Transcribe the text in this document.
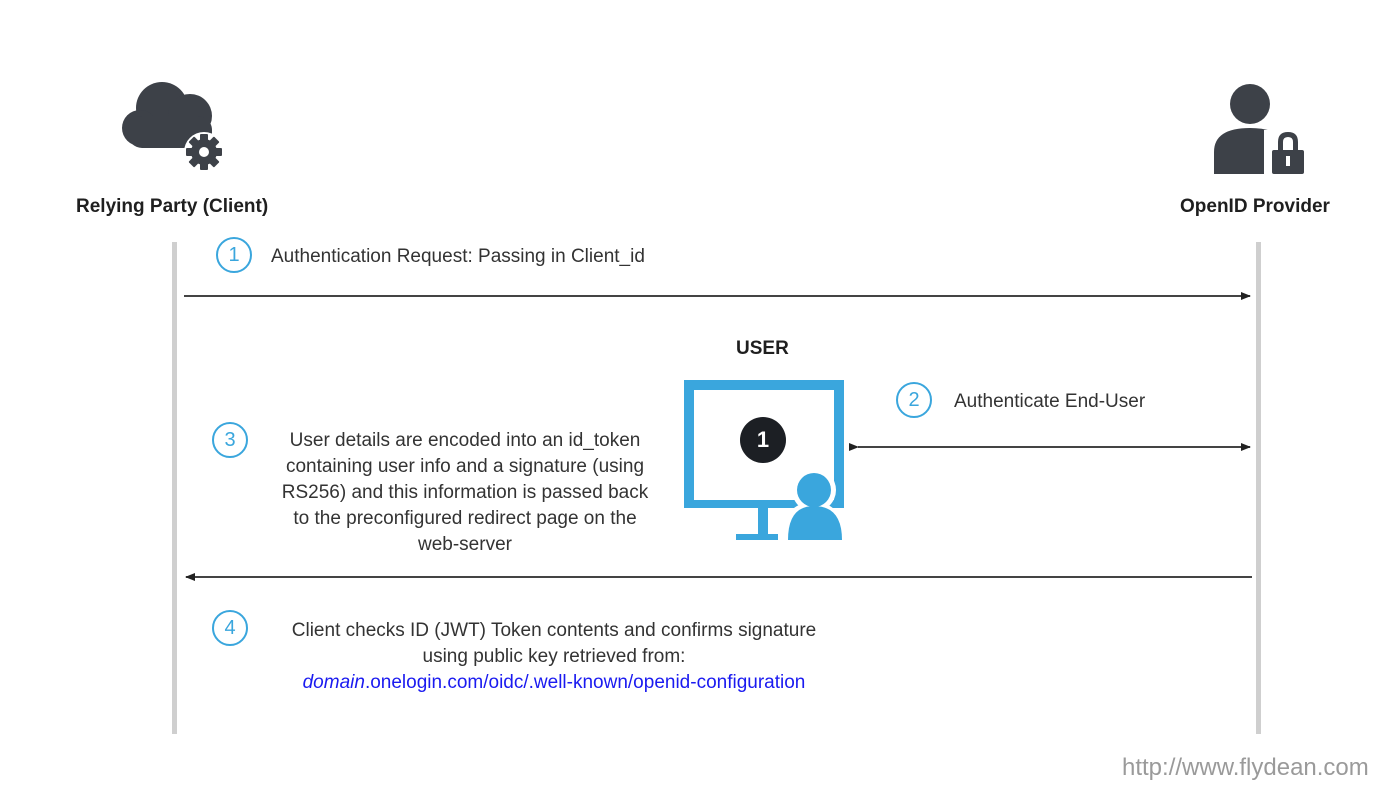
Relying Party (Client)	OpenID Provider
1	Authentication Request: Passing in Client_id
USER
1
2	Authenticate End-User
3	User details are encoded into an id_token
containing user info and a signature (using
RS256) and this information is passed back
to the preconfigured redirect page on the
web-server
4	Client checks ID (JWT) Token contents and confirms signature
using public key retrieved from:
domain.onelogin.com/oidc/.well-known/openid-configuration
http://www.flydean.com
